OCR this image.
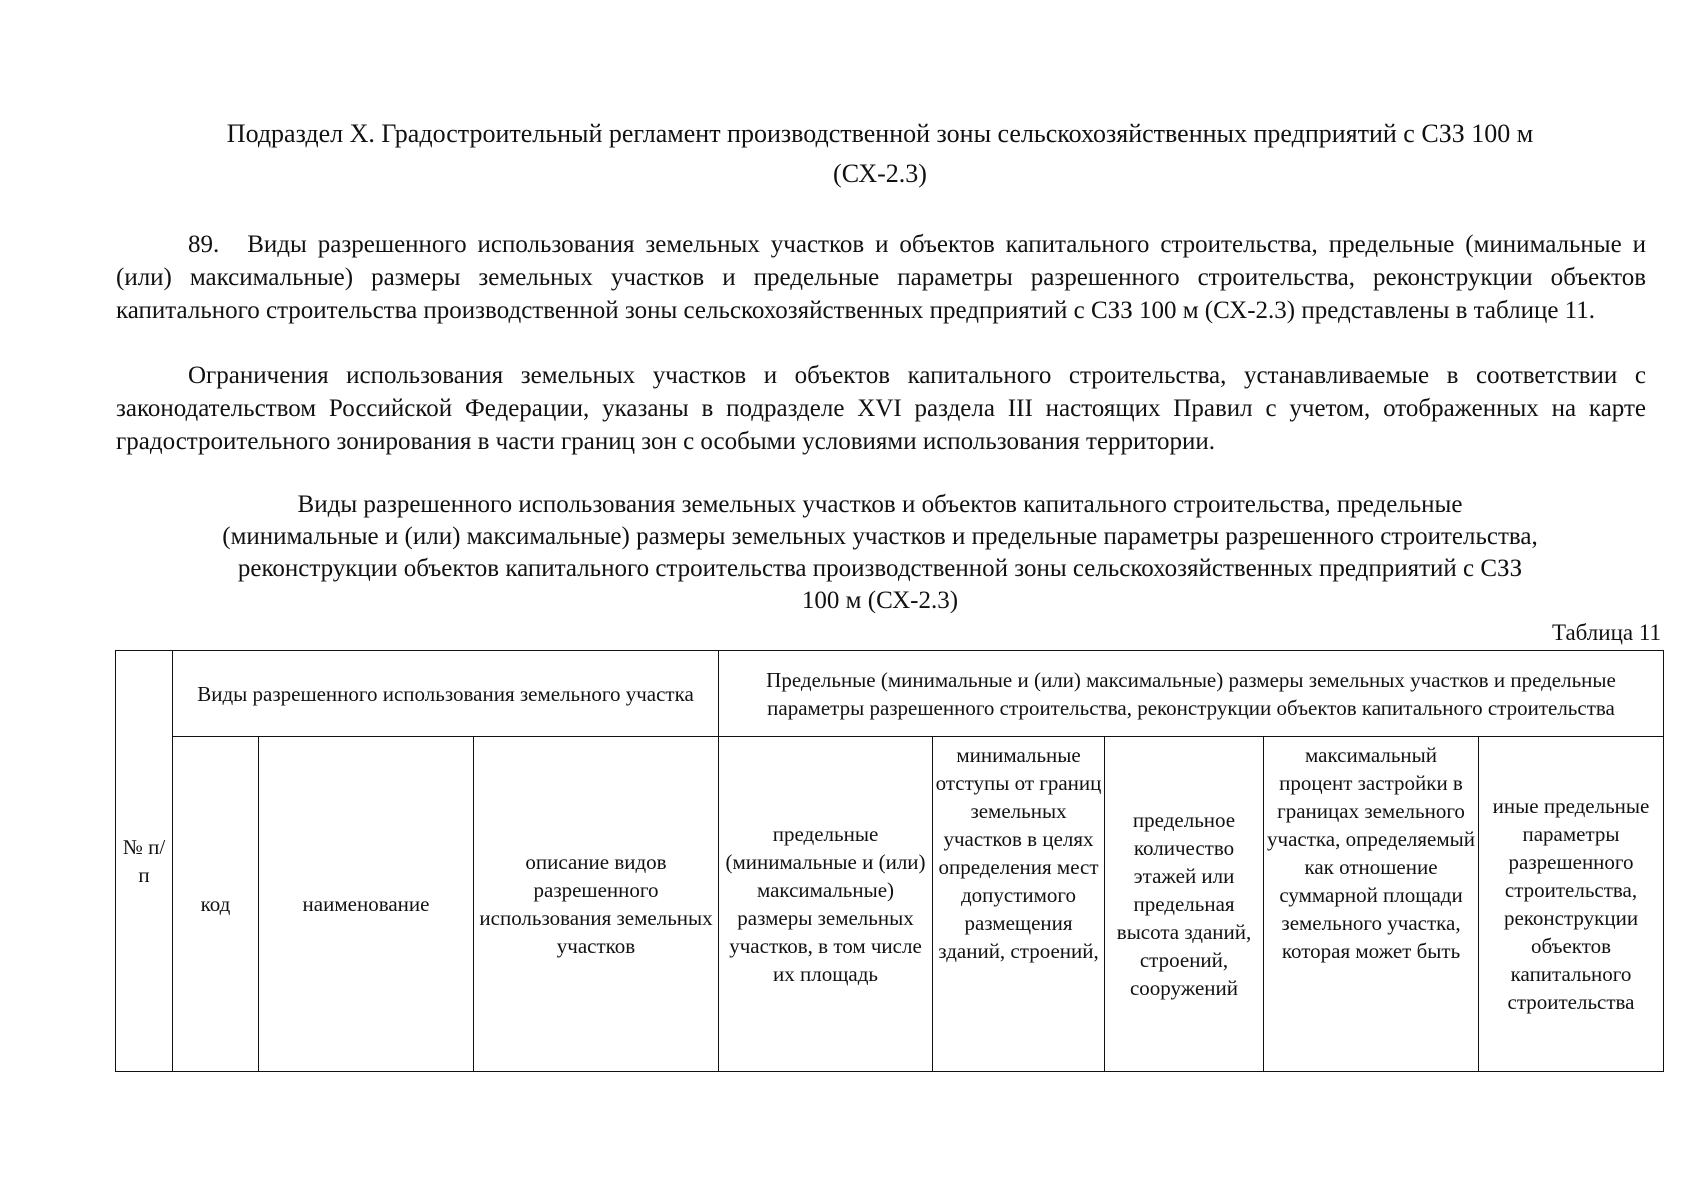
Подраздел X. Градостроительный регламент производственной зоны сельскохозяйственных предприятий с СЗЗ 100 м
(СХ-2.3)
89. Виды разрешенного использования земельных участков и объектов капитального строительства, предельные (минимальные и (или) максимальные) размеры земельных участков и предельные параметры разрешенного строительства, реконструкции объектов капитального строительства производственной зоны сельскохозяйственных предприятий с СЗЗ 100 м (СХ-2.3) представлены в таблице 11.
Ограничения использования земельных участков и объектов капитального строительства, устанавливаемые в соответствии с законодательством Российской Федерации, указаны в подразделе XVI раздела III настоящих Правил с учетом, отображенных на карте градостроительного зонирования в части границ зон с особыми условиями использования территории.
Виды разрешенного использования земельных участков и объектов капитального строительства, предельные
(минимальные и (или) максимальные) размеры земельных участков и предельные параметры разрешенного строительства,
реконструкции объектов капитального строительства производственной зоны сельскохозяйственных предприятий с СЗЗ
100 м (СХ-2.3)
Таблица 11
№ п/п	Виды разрешенного использования земельного участка			Предельные (минимальные и (или) максимальные) размеры земельных участков и предельные параметры разрешенного строительства, реконструкции объектов капитального строительства				
	код	наименование	описание видов разрешенного использования земельных участков	предельные (минимальные и (или) максимальные) размеры земельных участков, в том числе их площадь	минимальные отступы от границ земельных участков в целях определения мест допустимого размещения зданий, строений,	предельное количество этажей или предельная высота зданий, строений, сооружений	максимальный процент застройки в границах земельного участка, определяемый как отношение суммарной площади земельного участка, которая может быть	иные предельные параметры разрешенного строительства, реконструкции объектов капитального строительства
